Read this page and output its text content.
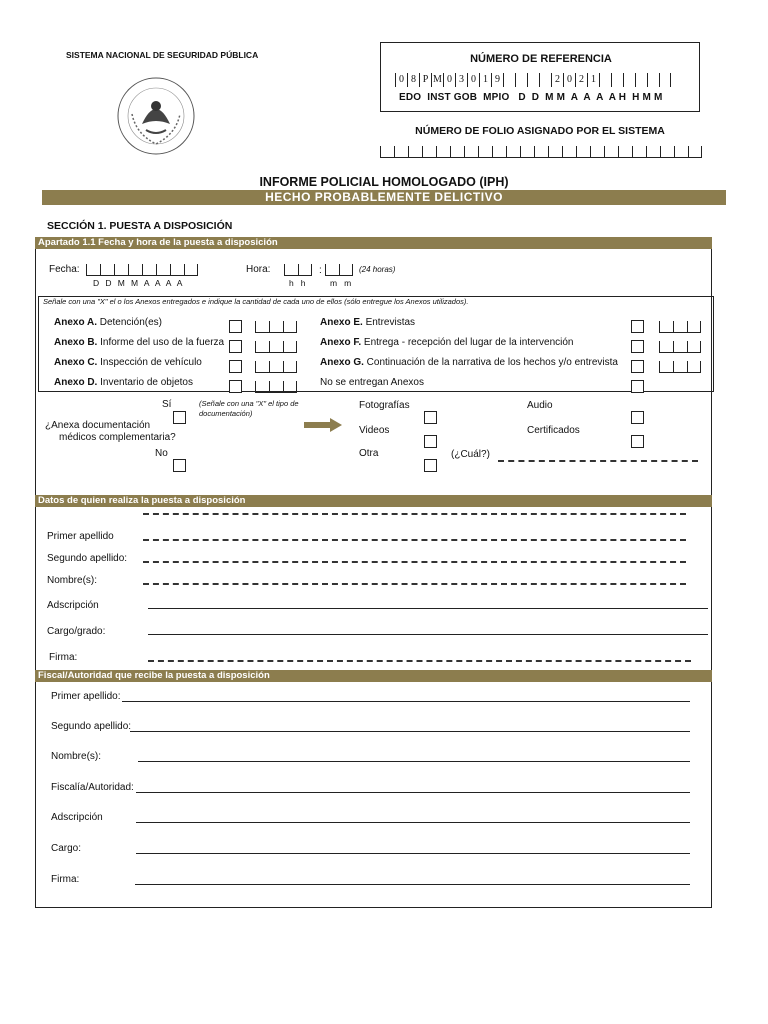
SISTEMA NACIONAL DE SEGURIDAD PÚBLICA	NÚMERO DE REFERENCIA
0 8 P M 0 3 0 1 9	2 0 2 1
EDO  INST GOB  MPIO   D  D  M M  A  A  A  A H  H M M
NÚMERO DE FOLIO ASIGNADO POR EL SISTEMA
INFORME POLICIAL HOMOLOGADO (IPH)
HECHO PROBABLEMENTE DELICTIVO
SECCIÓN 1. PUESTA A DISPOSICIÓN
Apartado 1.1 Fecha y hora de la puesta a disposición
Fecha:
D  D  M  M  A  A  A  A
Hora:	:
h   h	m   m
(24 horas)
Señale con una "X" el o los Anexos entregados e indique la cantidad de cada uno de ellos (sólo entregue los Anexos utilizados).
Anexo A. Detención(es)	Anexo E. Entrevistas
Anexo B. Informe del uso de la fuerza	Anexo F. Entrega - recepción del lugar de la intervención
Anexo C. Inspección de vehículo	Anexo G. Continuación de la narrativa de los hechos y/o entrevista
Anexo D. Inventario de objetos	No se entregan Anexos
Sí	(Señale con una "X" el tipo de documentación)
¿Anexa documentación
médicos complementaria?
No
Fotografías
Videos
Otra	(¿Cuál?)
Audio
Certificados
Datos de quien realiza la puesta a disposición
Primer apellido
Segundo apellido:
Nombre(s):
Adscripción
Cargo/grado:
Firma:
Fiscal/Autoridad que recibe la puesta a disposición
Primer apellido:
Segundo apellido:
Nombre(s):
Fiscalía/Autoridad:
Adscripción
Cargo:
Firma:
